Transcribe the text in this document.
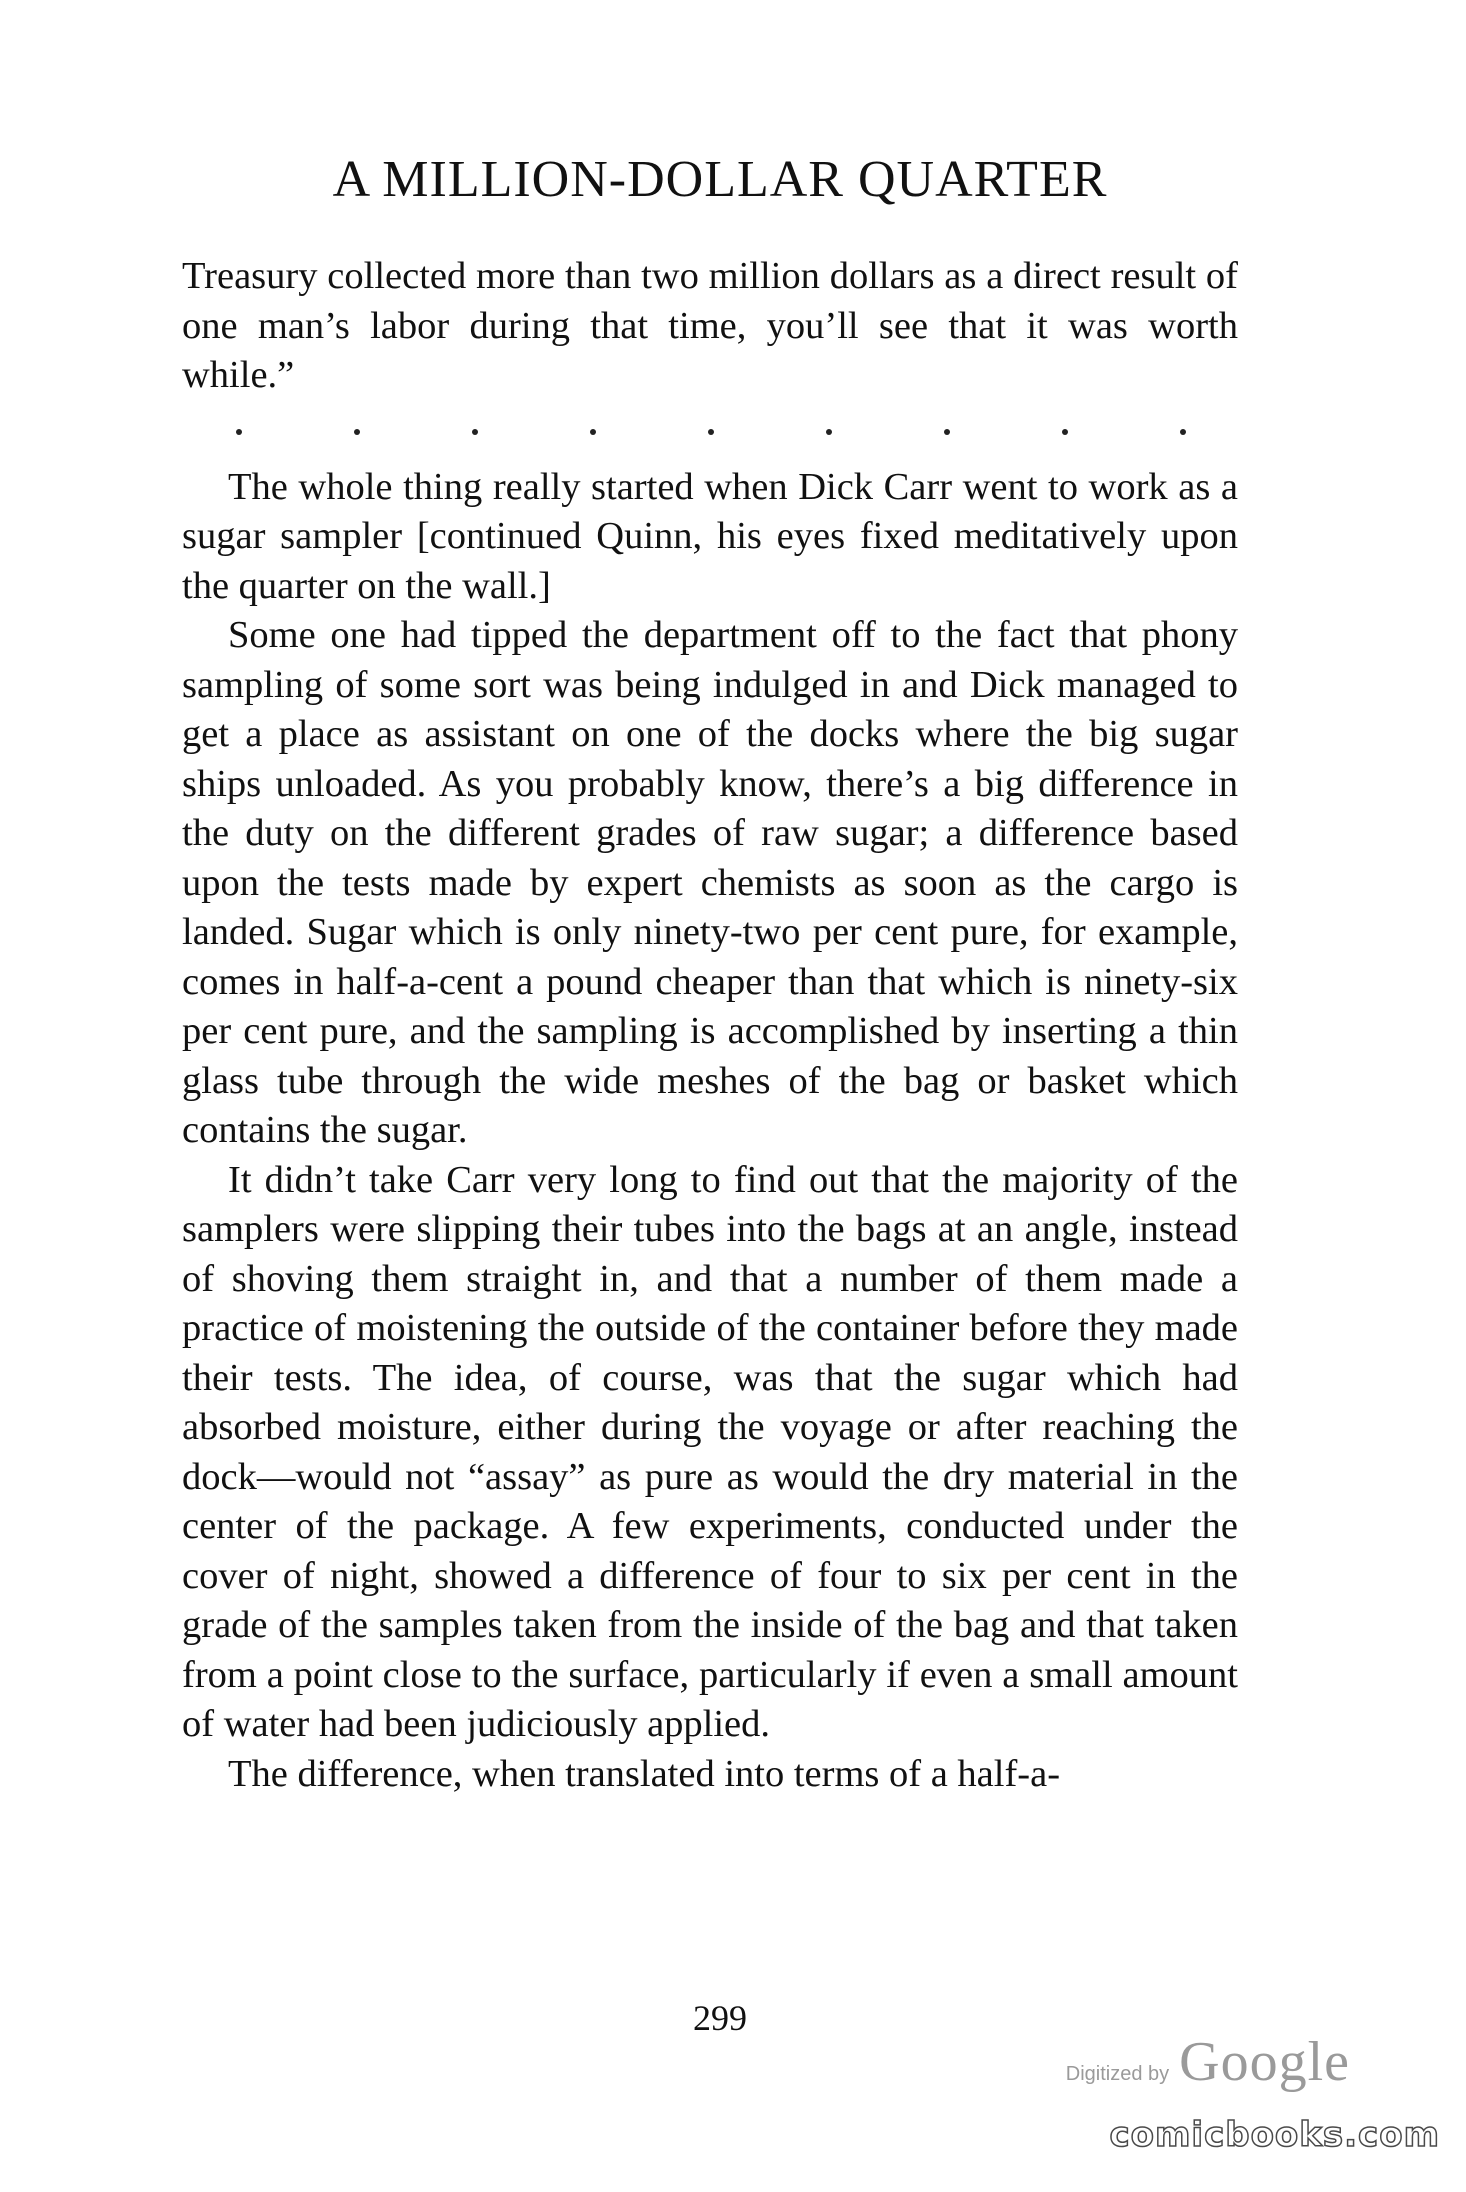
A MILLION-DOLLAR QUARTER

Treasury collected more than two million dollars as a direct result of one man’s labor during that time, you’ll see that it was worth while.”

The whole thing really started when Dick Carr went to work as a sugar sampler [continued Quinn, his eyes fixed meditatively upon the quarter on the wall.]

Some one had tipped the department off to the fact that phony sampling of some sort was being indulged in and Dick managed to get a place as assistant on one of the docks where the big sugar ships unloaded. As you probably know, there’s a big difference in the duty on the different grades of raw sugar; a difference based upon the tests made by expert chemists as soon as the cargo is landed. Sugar which is only ninety-two per cent pure, for example, comes in half-a-cent a pound cheaper than that which is ninety-six per cent pure, and the sampling is accomplished by inserting a thin glass tube through the wide meshes of the bag or basket which contains the sugar.

It didn’t take Carr very long to find out that the majority of the samplers were slipping their tubes into the bags at an angle, instead of shoving them straight in, and that a number of them made a practice of moistening the outside of the container before they made their tests. The idea, of course, was that the sugar which had absorbed moisture, either during the voyage or after reaching the dock—would not “assay” as pure as would the dry material in the center of the package. A few experiments, conducted under the cover of night, showed a difference of four to six per cent in the grade of the samples taken from the inside of the bag and that taken from a point close to the surface, particularly if even a small amount of water had been judiciously applied.

The difference, when translated into terms of a half-a-

299
Digitized by Google
comicbooks.com
